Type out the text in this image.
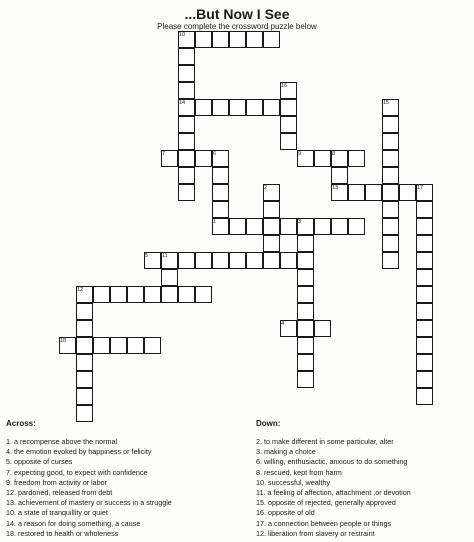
...But Now I See
Please complete the crossword puzzle below
10
16
14	15
7	6	9	8
2	13	17
1	3
5	11
12
4
18
Across:
1. a recompense above the normal
4. the emotion evoked by happiness or felicity
5. opposite of curses
7. expecting good, to expect with confidence
9. freedom from activity or labor
12. pardoned, released from debt
13. achievement of mastery or success in a struggle
10. a state of tranquillity or quiet
14. a reason for doing something, a cause
18. restored to health or wholeness
Down:
2. to make different in some particular, alter
3. making a choice
6. willing, enthusiactic, anxious to do something
8. rescued, kept from harm
10. successful, wealthy
11. a feeling of affection, attachment ,or devotion
15. opposite of rejected, generally approved
16. opposite of old
17. a connection between people or things
12. liberation from slavery or restraint
